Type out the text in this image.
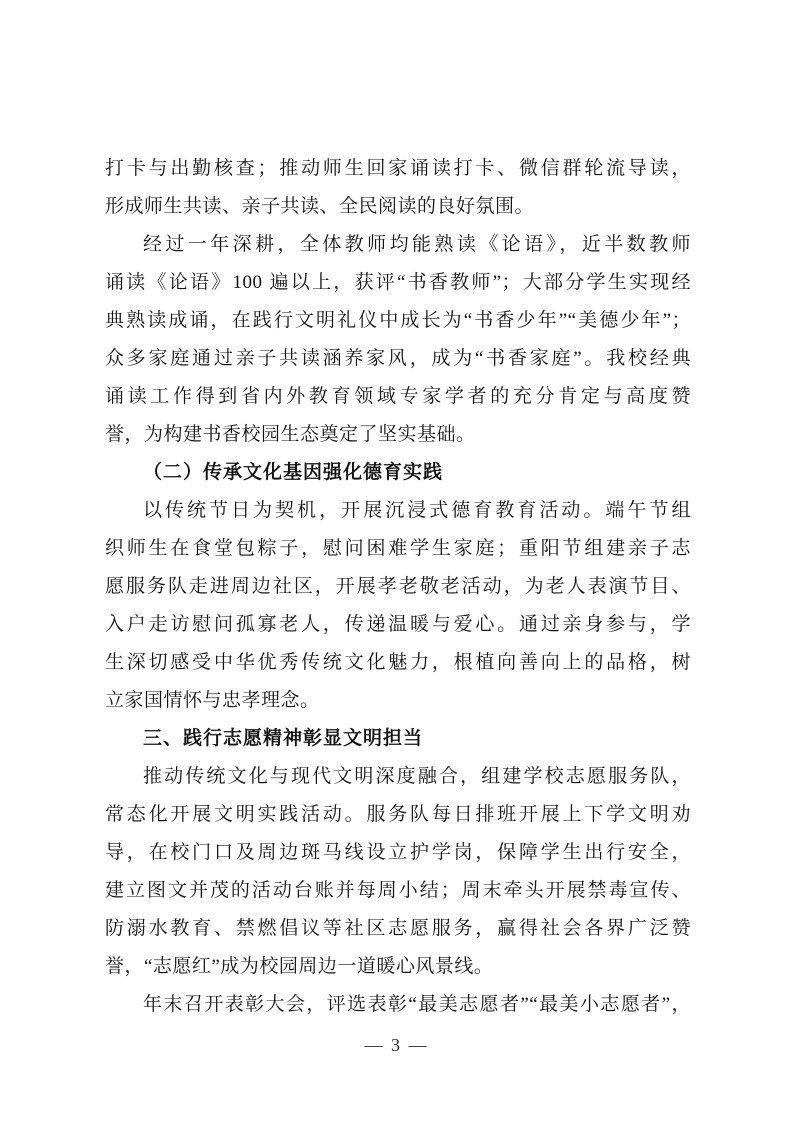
打卡与出勤核查；推动师生回家诵读打卡、微信群轮流导读，
形成师生共读、亲子共读、全民阅读的良好氛围。
经过一年深耕，全体教师均能熟读《论语》，近半数教师
诵读《论语》100 遍以上，获评“书香教师”；大部分学生实现经
典熟读成诵，在践行文明礼仪中成长为“书香少年”“美德少年”；
众多家庭通过亲子共读涵养家风，成为“书香家庭”。我校经典
诵读工作得到省内外教育领域专家学者的充分肯定与高度赞
誉，为构建书香校园生态奠定了坚实基础。
（二）传承文化基因强化德育实践
以传统节日为契机，开展沉浸式德育教育活动。端午节组
织师生在食堂包粽子，慰问困难学生家庭；重阳节组建亲子志
愿服务队走进周边社区，开展孝老敬老活动，为老人表演节目、
入户走访慰问孤寡老人，传递温暖与爱心。通过亲身参与，学
生深切感受中华优秀传统文化魅力，根植向善向上的品格，树
立家国情怀与忠孝理念。
三、践行志愿精神彰显文明担当
推动传统文化与现代文明深度融合，组建学校志愿服务队，
常态化开展文明实践活动。服务队每日排班开展上下学文明劝
导，在校门口及周边斑马线设立护学岗，保障学生出行安全，
建立图文并茂的活动台账并每周小结；周末牵头开展禁毒宣传、
防溺水教育、禁燃倡议等社区志愿服务，赢得社会各界广泛赞
誉，“志愿红”成为校园周边一道暖心风景线。
年末召开表彰大会，评选表彰“最美志愿者”“最美小志愿者”，
— 3 —
